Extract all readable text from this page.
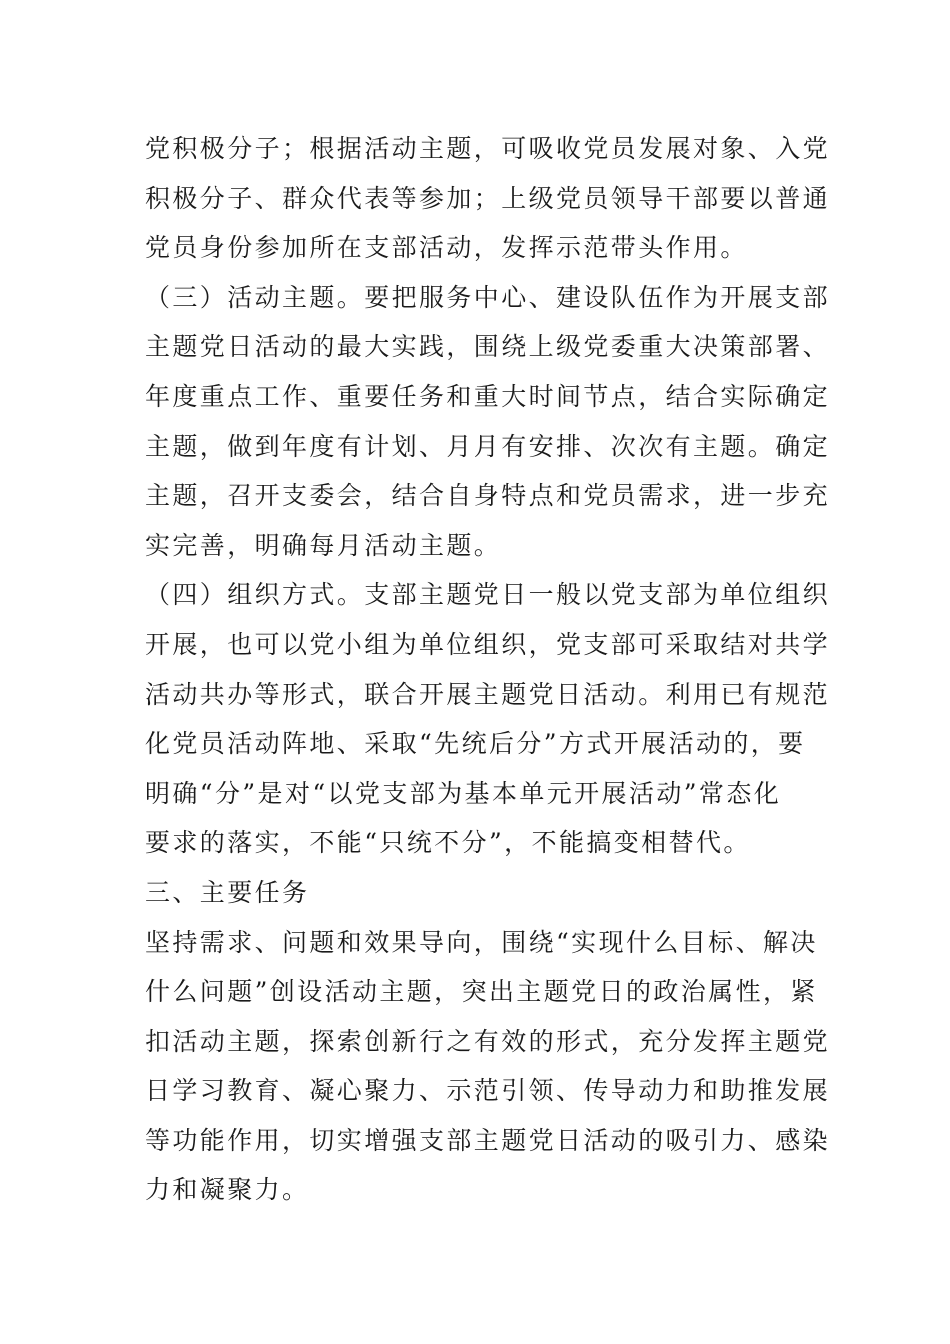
党积极分子；根据活动主题，可吸收党员发展对象、入党
积极分子、群众代表等参加；上级党员领导干部要以普通
党员身份参加所在支部活动，发挥示范带头作用。
（三）活动主题。要把服务中心、建设队伍作为开展支部
主题党日活动的最大实践，围绕上级党委重大决策部署、
年度重点工作、重要任务和重大时间节点，结合实际确定
主题，做到年度有计划、月月有安排、次次有主题。确定
主题，召开支委会，结合自身特点和党员需求，进一步充
实完善，明确每月活动主题。
（四）组织方式。支部主题党日一般以党支部为单位组织
开展，也可以党小组为单位组织，党支部可采取结对共学
活动共办等形式，联合开展主题党日活动。利用已有规范
化党员活动阵地、采取“先统后分”方式开展活动的，要
明确“分”是对“以党支部为基本单元开展活动”常态化
要求的落实，不能“只统不分”，不能搞变相替代。
三、主要任务
坚持需求、问题和效果导向，围绕“实现什么目标、解决
什么问题”创设活动主题，突出主题党日的政治属性，紧
扣活动主题，探索创新行之有效的形式，充分发挥主题党
日学习教育、凝心聚力、示范引领、传导动力和助推发展
等功能作用，切实增强支部主题党日活动的吸引力、感染
力和凝聚力。
